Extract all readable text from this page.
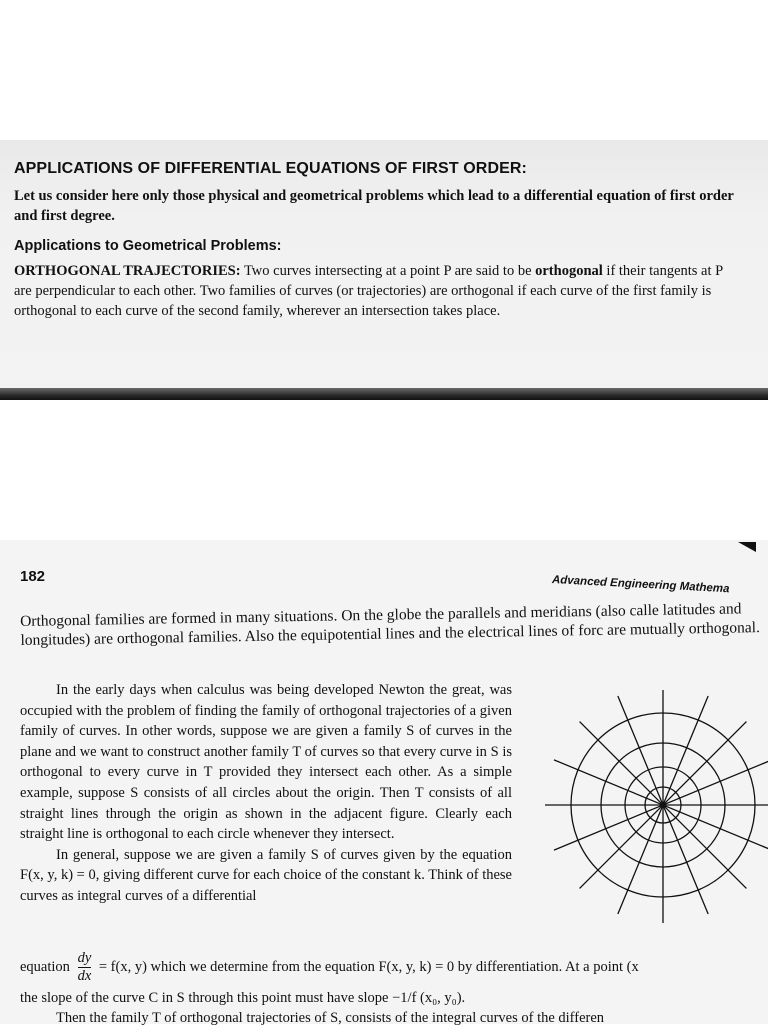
APPLICATIONS OF DIFFERENTIAL EQUATIONS OF FIRST ORDER:

Let us consider here only those physical and geometrical problems which lead to a differential equation of first order and first degree.

Applications to Geometrical Problems:

ORTHOGONAL TRAJECTORIES: Two curves intersecting at a point P are said to be orthogonal if their tangents at P are perpendicular to each other. Two families of curves (or trajectories) are orthogonal if each curve of the first family is orthogonal to each curve of the second family, wherever an intersection takes place.

182	Advanced Engineering Mathema

Orthogonal families are formed in many situations. On the globe the parallels and meridians (also calle latitudes and longitudes) are orthogonal families. Also the equipotential lines and the electrical lines of forc are mutually orthogonal.

In the early days when calculus was being developed Newton the great, was occupied with the problem of finding the family of orthogonal trajectories of a given family of curves. In other words, suppose we are given a family S of curves in the plane and we want to construct another family T of curves so that every curve in S is orthogonal to every curve in T provided they intersect each other. As a simple example, suppose S consists of all circles about the origin. Then T consists of all straight lines through the origin as shown in the adjacent figure. Clearly each straight line is orthogonal to each circle whenever they intersect.

In general, suppose we are given a family S of curves given by the equation F(x, y, k) = 0, giving different curve for each choice of the constant k. Think of these curves as integral curves of a differential

equation $\frac{dy}{dx} = f(x$, y) which we determine from the equation F(x, y, k) = 0 by differentiation. At a point (x
the slope of the curve C in S through this point must have slope −1/f (x₀, y₀).
Then the family T of orthogonal trajectories of S, consists of the integral curves of the differen
